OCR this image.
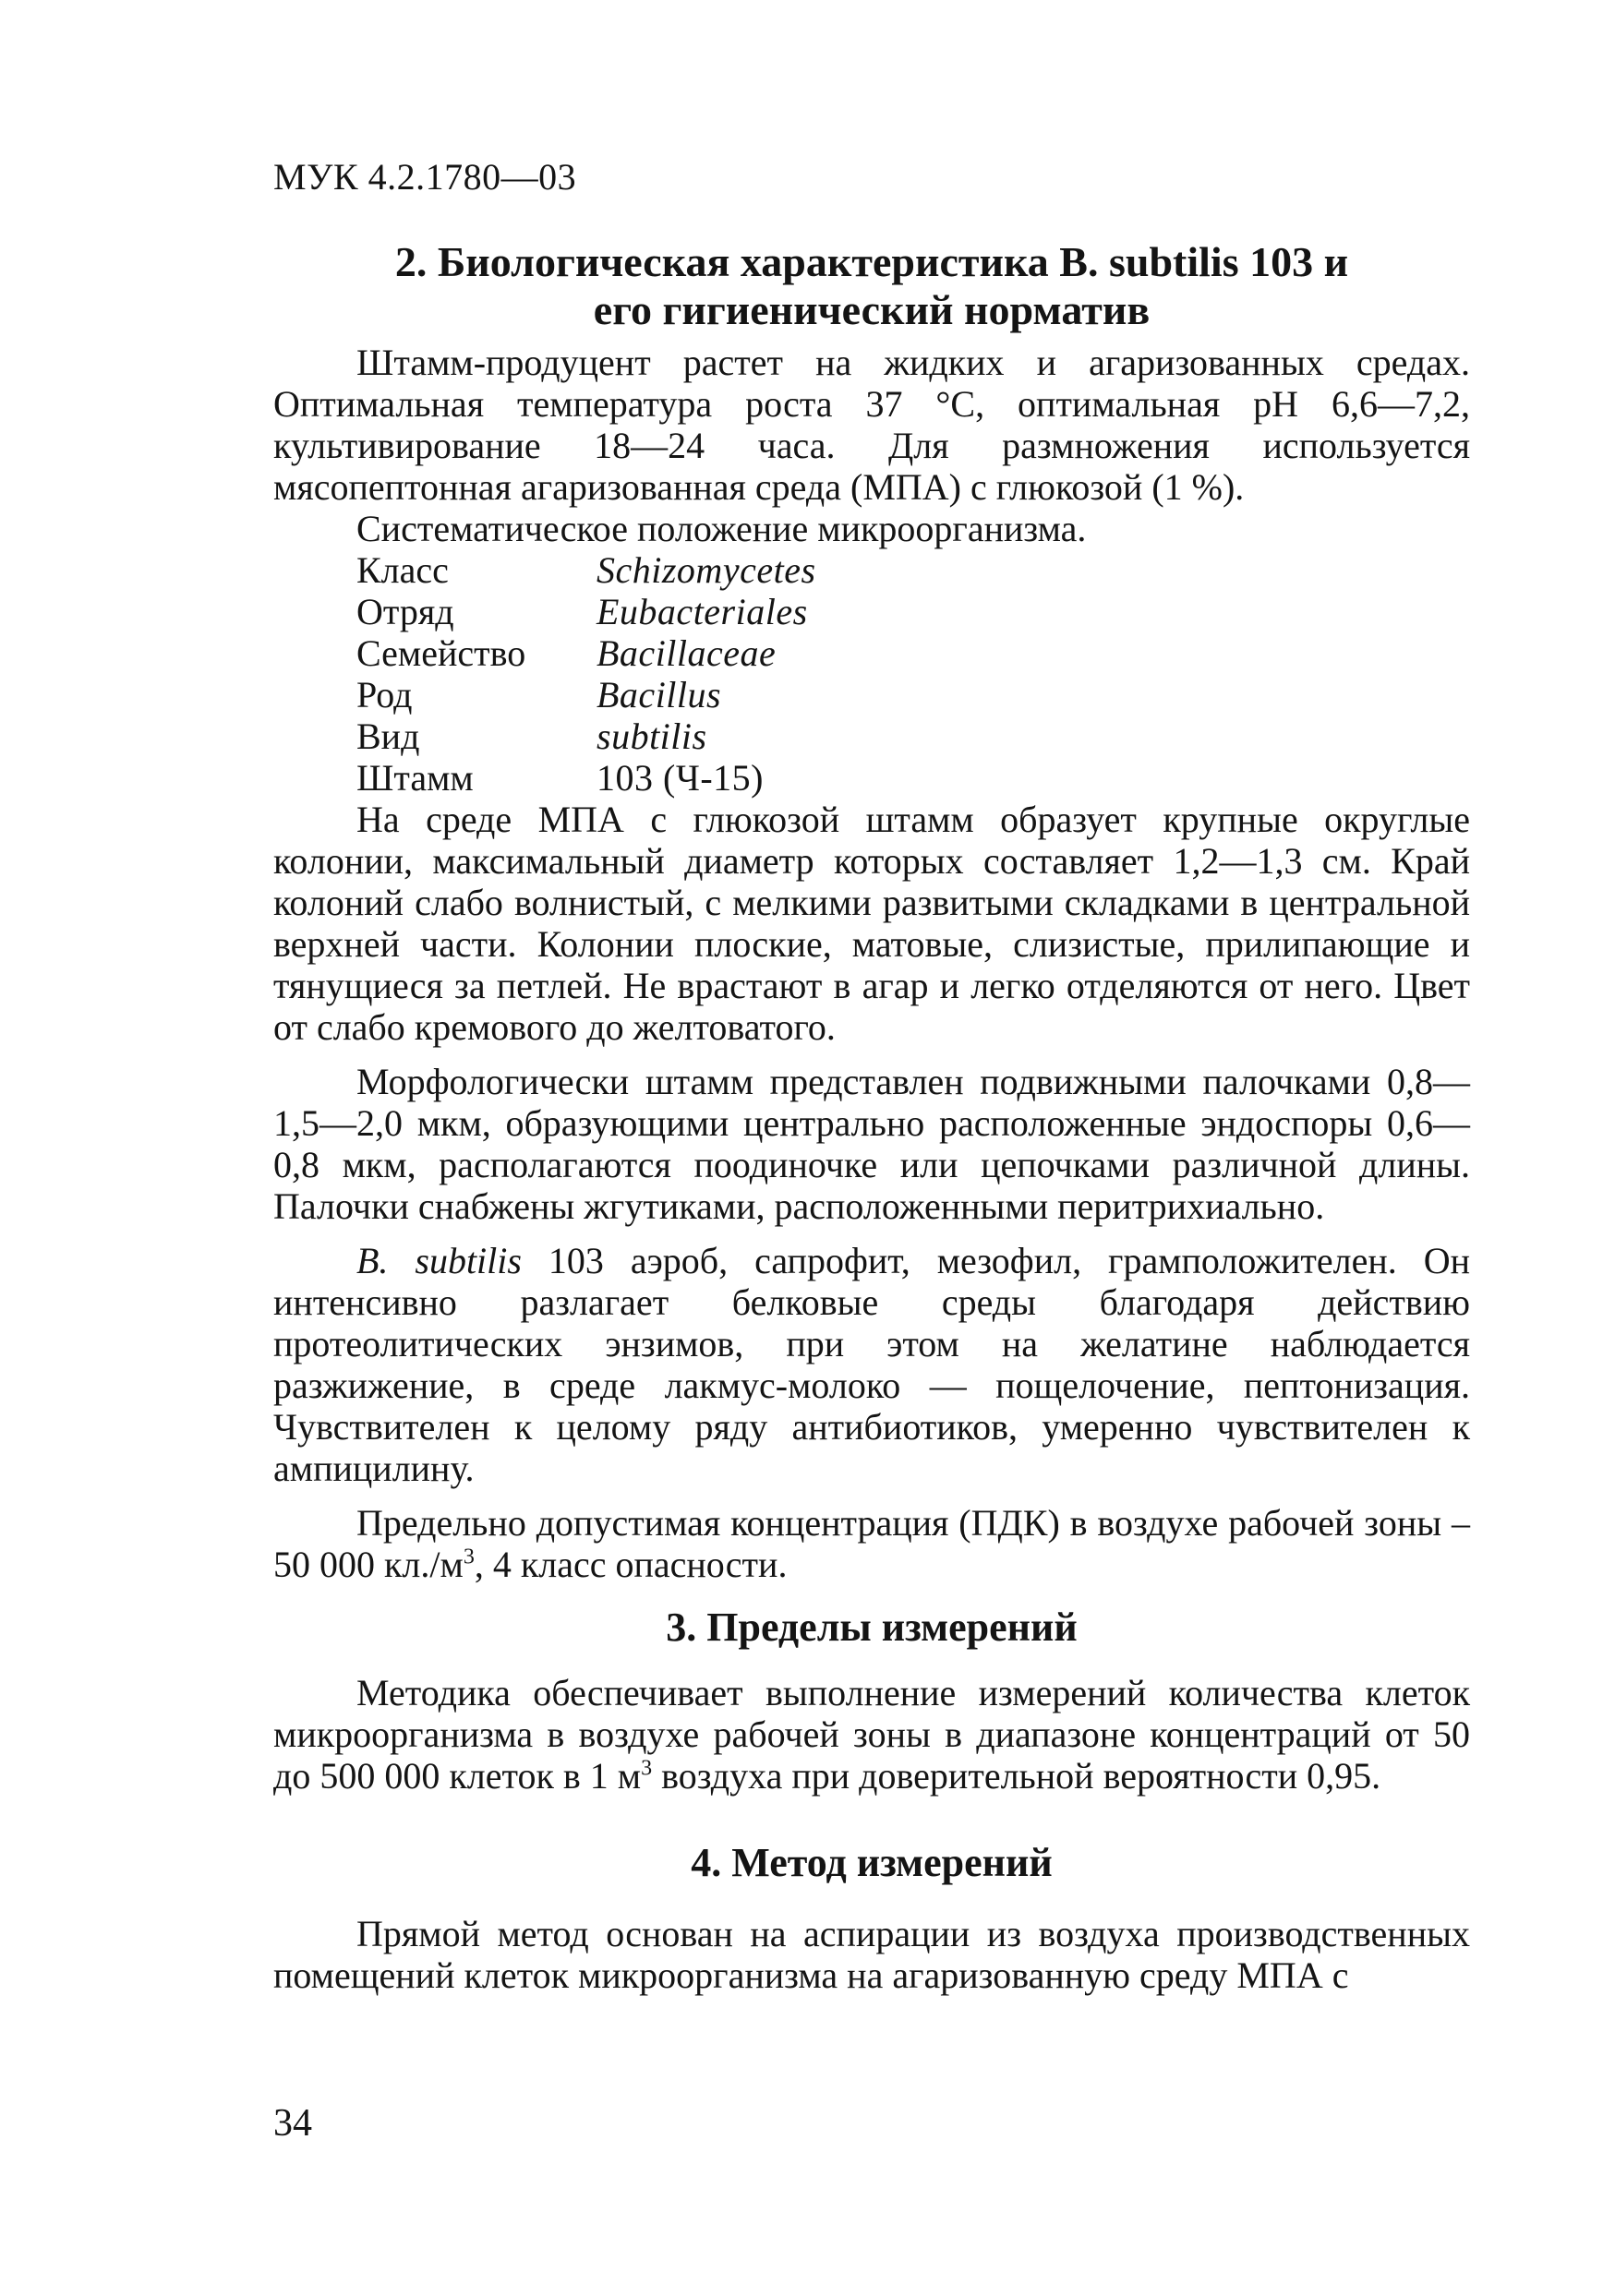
МУК 4.2.1780—03
2. Биологическая характеристика B. subtilis 103 и
его гигиенический норматив

Штамм-продуцент растет на жидких и агаризованных средах. Оптимальная температура роста 37 °С, оптимальная pH 6,6—7,2, культивирование 18—24 часа. Для размножения используется мясопептонная агаризованная среда (МПА) с глюкозой (1 %).

Систематическое положение микроорганизма.

Класс	Schizomycetes
Отряд	Eubacteriales
Семейство	Bacillaceae
Род	Bacillus
Вид	subtilis
Штамм	103 (Ч-15)

На среде МПА с глюкозой штамм образует крупные округлые колонии, максимальный диаметр которых составляет 1,2—1,3 см. Край колоний слабо волнистый, с мелкими развитыми складками в центральной верхней части. Колонии плоские, матовые, слизистые, прилипающие и тянущиеся за петлей. Не врастают в агар и легко отделяются от него. Цвет от слабо кремового до желтоватого.

Морфологически штамм представлен подвижными палочками 0,8—1,5—2,0 мкм, образующими центрально расположенные эндоспоры 0,6—0,8 мкм, располагаются поодиночке или цепочками различной длины. Палочки снабжены жгутиками, расположенными перитрихиально.

B. subtilis 103 аэроб, сапрофит, мезофил, грамположителен. Он интенсивно разлагает белковые среды благодаря действию протеолитических энзимов, при этом на желатине наблюдается разжижение, в среде лакмус-молоко — пощелочение, пептонизация. Чувствителен к целому ряду антибиотиков, умеренно чувствителен к ампицилину.

Предельно допустимая концентрация (ПДК) в воздухе рабочей зоны – 50 000 $кл./м^3$, 4 класс опасности.

3. Пределы измерений

Методика обеспечивает выполнение измерений количества клеток микроорганизма в воздухе рабочей зоны в диапазоне концентраций от 50 до 500 000 клеток в 1 $м^3$ воздуха при доверительной вероятности 0,95.

4. Метод измерений

Прямой метод основан на аспирации из воздуха производственных помещений клеток микроорганизма на агаризованную среду МПА с

34
